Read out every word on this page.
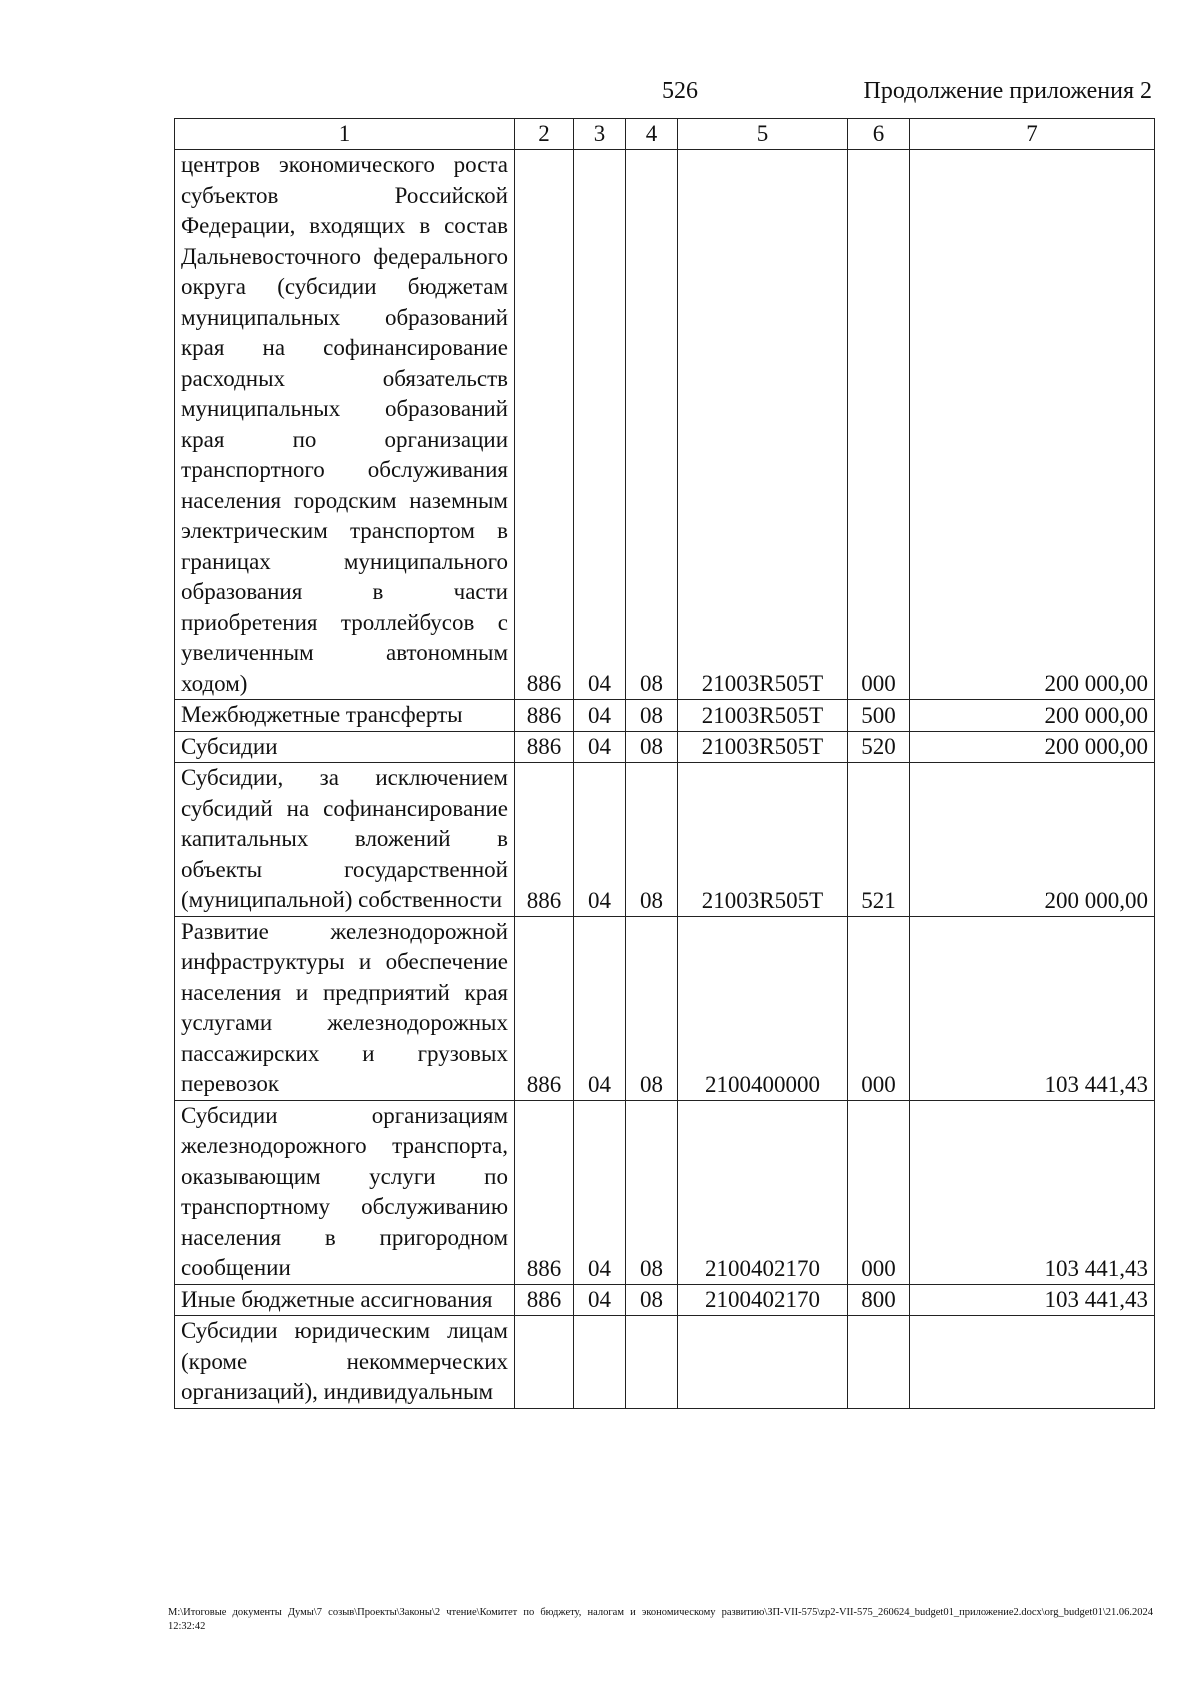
526	Продолжение приложения 2
1	2	3	4	5	6	7
центров экономического роста субъектов Российской Федерации, входящих в состав Дальневосточного федерального округа (субсидии бюджетам муниципальных образований края на софинансирование расходных обязательств муниципальных образований края по организации транспортного обслуживания населения городским наземным электрическим транспортом в границах муниципального образования в части приобретения троллейбусов с увеличенным автономным ходом)	886	04	08	21003R505T	000	200 000,00
Межбюджетные трансферты	886	04	08	21003R505T	500	200 000,00
Субсидии	886	04	08	21003R505T	520	200 000,00
Субсидии, за исключением субсидий на софинансирование капитальных вложений в объекты государственной (муниципальной) собственности	886	04	08	21003R505T	521	200 000,00
Развитие железнодорожной инфраструктуры и обеспечение населения и предприятий края услугами железнодорожных пассажирских и грузовых перевозок	886	04	08	2100400000	000	103 441,43
Субсидии организациям железнодорожного транспорта, оказывающим услуги по транспортному обслуживанию населения в пригородном сообщении	886	04	08	2100402170	000	103 441,43
Иные бюджетные ассигнования	886	04	08	2100402170	800	103 441,43
Субсидии юридическим лицам (кроме некоммерческих организаций), индивидуальным						
M:\Итоговые документы Думы\7 созыв\Проекты\Законы\2 чтение\Комитет по бюджету, налогам и экономическому развитию\ЗП-VII-575\zp2-VII-575_260624_budget01_приложение2.docx\org_budget01\21.06.2024 12:32:42
